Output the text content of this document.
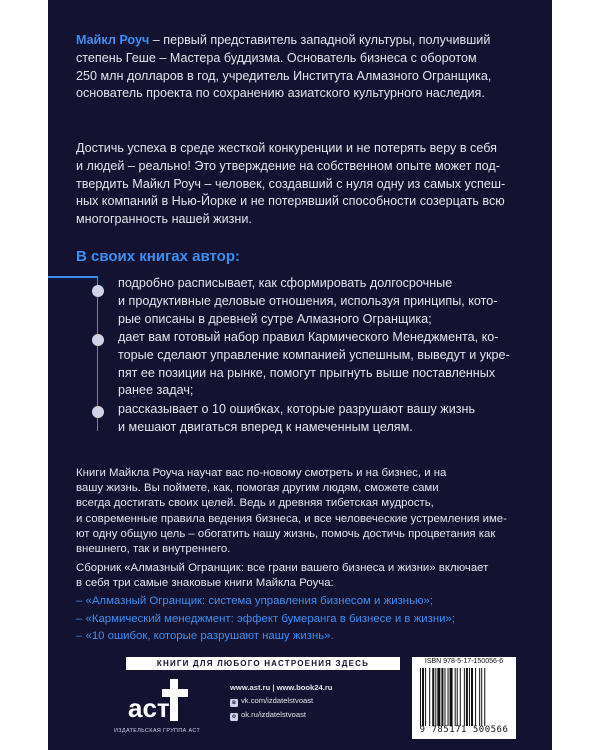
Майкл Роуч – первый представитель западной культуры, получивший
степень Геше – Мастера буддизма. Основатель бизнеса с оборотом
250 млн долларов в год, учредитель Института Алмазного Огранщика,
основатель проекта по сохранению азиатского культурного наследия.
Достичь успеха в среде жесткой конкуренции и не потерять веру в себя
и людей – реально! Это утверждение на собственном опыте может под-
твердить Майкл Роуч – человек, создавший с нуля одну из самых успеш-
ных компаний в Нью-Йорке и не потерявший способности созерцать всю
многогранность нашей жизни.
В своих книгах автор:
подробно расписывает, как сформировать долгосрочные
и продуктивные деловые отношения, используя принципы, кото-
рые описаны в древней сутре Алмазного Огранщика;
дает вам готовый набор правил Кармического Менеджмента, ко-
торые сделают управление компанией успешным, выведут и укре-
пят ее позиции на рынке, помогут прыгнуть выше поставленных
ранее задач;
рассказывает о 10 ошибках, которые разрушают вашу жизнь
и мешают двигаться вперед к намеченным целям.
Книги Майкла Роуча научат вас по-новому смотреть и на бизнес, и на
вашу жизнь. Вы поймете, как, помогая другим людям, сможете сами
всегда достигать своих целей. Ведь и древняя тибетская мудрость,
и современные правила ведения бизнеса, и все человеческие устремления име-
ют одну общую цель – обогатить нашу жизнь, помочь достичь процветания как
внешнего, так и внутреннего.
Сборник «Алмазный Огранщик: все грани вашего бизнеса и жизни» включает
в себя три самые знаковые книги Майкла Роуча:
– «Алмазный Огранщик: система управления бизнесом и жизнью»;
– «Кармический менеджмент: эффект бумеранга в бизнесе и в жизни»;
– «10 ошибок, которые разрушают нашу жизнь».
КНИГИ ДЛЯ ЛЮБОГО НАСТРОЕНИЯ ЗДЕСЬ
аст
ИЗДАТЕЛЬСКАЯ ГРУППА АСТ
www.ast.ru | www.book24.ru
в vk.com/izdatelstvoast
о ok.ru/izdatelstvoast
ISBN 978-5-17-150056-6
9 785171 500566
